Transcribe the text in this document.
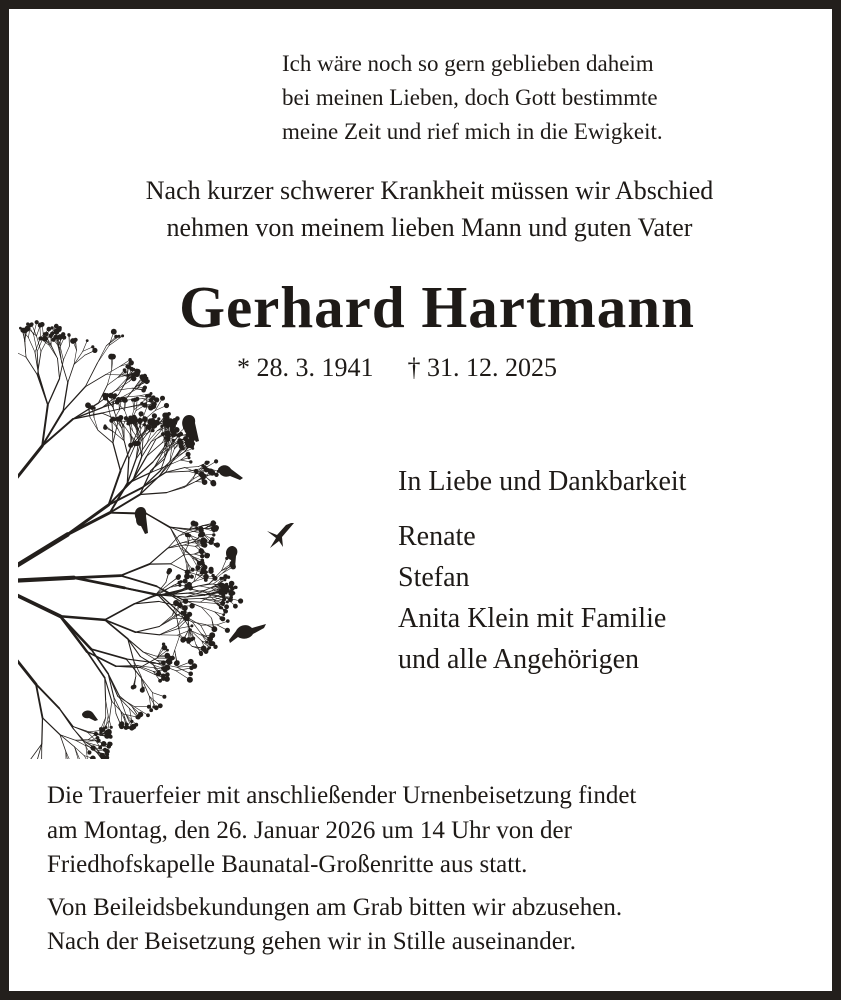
Ich wäre noch so gern geblieben daheim
bei meinen Lieben, doch Gott bestimmte
meine Zeit und rief mich in die Ewigkeit.
Nach kurzer schwerer Krankheit müssen wir Abschied
nehmen von meinem lieben Mann und guten Vater
Gerhard Hartmann
* 28. 3. 1941 † 31. 12. 2025
In Liebe und Dankbarkeit
Renate
Stefan
Anita Klein mit Familie
und alle Angehörigen
Die Trauerfeier mit anschließender Urnenbeisetzung findet
am Montag, den 26. Januar 2026 um 14 Uhr von der
Friedhofskapelle Baunatal-Großenritte aus statt.
Von Beileidsbekundungen am Grab bitten wir abzusehen.
Nach der Beisetzung gehen wir in Stille auseinander.
